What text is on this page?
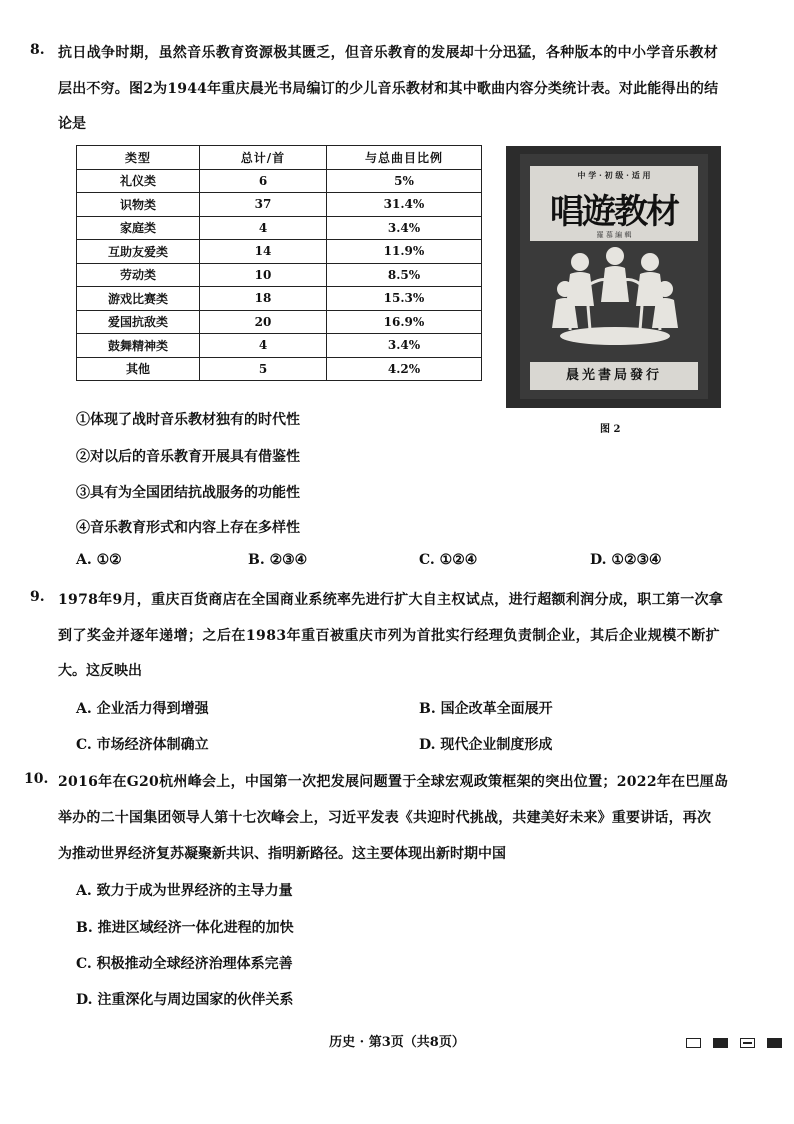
8. 抗日战争时期，虽然音乐教育资源极其匮乏，但音乐教育的发展却十分迅猛，各种版本的中小学音乐教材
层出不穷。图2为1944年重庆晨光书局编订的少儿音乐教材和其中歌曲内容分类统计表。对此能得出的结
论是
类型	总计/首	与总曲目比例
礼仪类	6	5%
识物类	37	31.4%
家庭类	4	3.4%
互助友爱类	14	11.9%
劳动类	10	8.5%
游戏比赛类	18	15.3%
爱国抗敌类	20	16.9%
鼓舞精神类	4	3.4%
其他	5	4.2%
中 学 · 初 级 · 适 用
唱遊教材
羅 慕 編 輯
晨光書局發行
图 2
①体现了战时音乐教材独有的时代性
②对以后的音乐教育开展具有借鉴性
③具有为全国团结抗战服务的功能性
④音乐教育形式和内容上存在多样性
A. ①②	B. ②③④	C. ①②④	D. ①②③④
9. 1978年9月，重庆百货商店在全国商业系统率先进行扩大自主权试点，进行超额利润分成，职工第一次拿
到了奖金并逐年递增；之后在1983年重百被重庆市列为首批实行经理负责制企业，其后企业规模不断扩
大。这反映出
A. 企业活力得到增强	B. 国企改革全面展开
C. 市场经济体制确立	D. 现代企业制度形成
10. 2016年在G20杭州峰会上，中国第一次把发展问题置于全球宏观政策框架的突出位置；2022年在巴厘岛
举办的二十国集团领导人第十七次峰会上，习近平发表《共迎时代挑战，共建美好未来》重要讲话，再次
为推动世界经济复苏凝聚新共识、指明新路径。这主要体现出新时期中国
A. 致力于成为世界经济的主导力量
B. 推进区域经济一体化进程的加快
C. 积极推动全球经济治理体系完善
D. 注重深化与周边国家的伙伴关系
历史 · 第3页（共8页）
